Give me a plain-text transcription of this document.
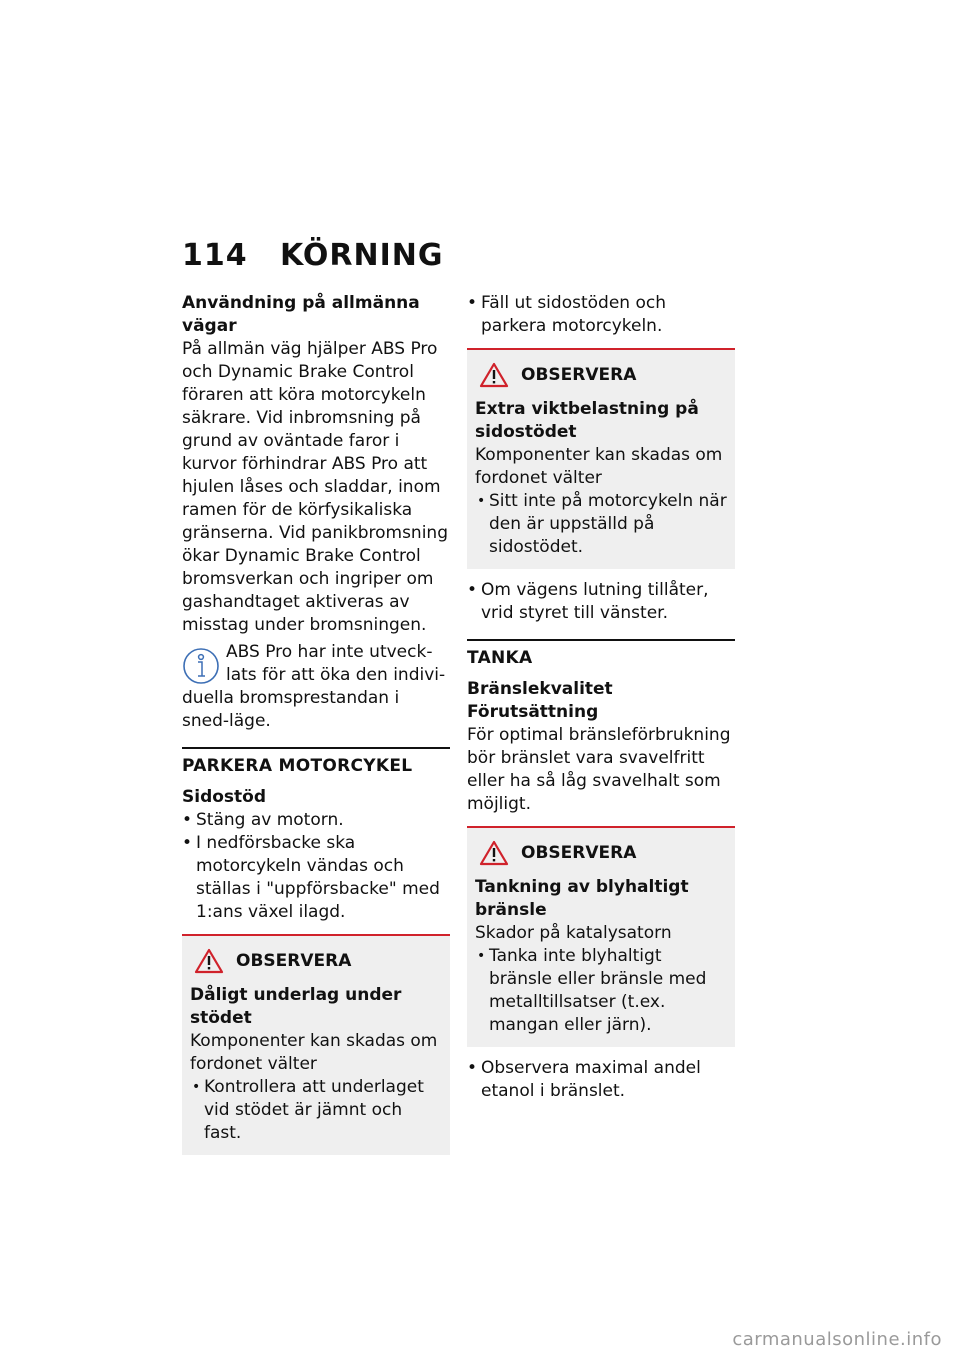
114 KÖRNING
Användning på allmänna vägar

På allmän väg hjälper ABS Pro och Dynamic Brake Control föraren att köra motorcykeln säkrare. Vid inbromsning på grund av oväntade faror i kurvor förhindrar ABS Pro att hjulen låses och sladdar, inom ramen för de körfysikaliska gränserna. Vid panikbromsning ökar Dynamic Brake Control bromsverkan och ingriper om gashandtaget aktiveras av misstag under bromsningen.

ABS Pro har inte utveck-lats för att öka den indivi-

duella bromsprestandan i sned-läge.

PARKERA MOTORCYKEL
Sidostöd
• Stäng av motorn.
• I nedförsbacke ska motorcykeln vändas och ställas i "uppförsbacke" med 1:ans växel ilagd.
OBSERVERA
Dåligt underlag under stödet

Komponenter kan skadas om fordonet välter

• Kontrollera att underlaget vid stödet är jämnt och fast.
• Fäll ut sidostöden och parkera motorcykeln.
OBSERVERA
Extra viktbelastning på sidostödet

Komponenter kan skadas om fordonet välter

• Sitt inte på motorcykeln när den är uppställd på sidostödet.
• Om vägens lutning tillåter, vrid styret till vänster.
TANKA
Bränslekvalitet
Förutsättning

För optimal bränsleförbrukning bör bränslet vara svavelfritt eller ha så låg svavelhalt som möjligt.

OBSERVERA
Tankning av blyhaltigt bränsle

Skador på katalysatorn

• Tanka inte blyhaltigt bränsle eller bränsle med metalltillsatser (t.ex. mangan eller järn).
• Observera maximal andel etanol i bränslet.
carmanualsonline.info
